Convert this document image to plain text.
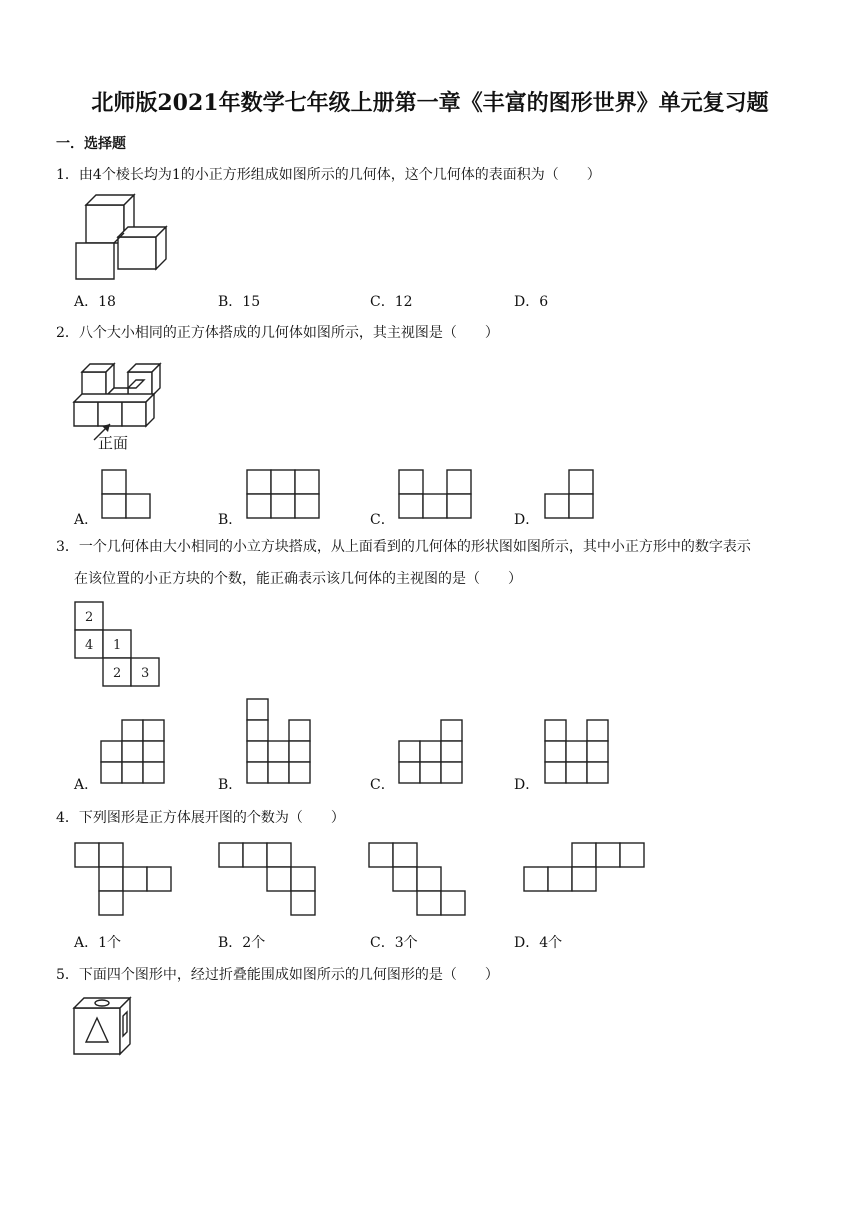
北师版2021年数学七年级上册第一章《丰富的图形世界》单元复习题
一．选择题
1．由4个棱长均为1的小正方形组成如图所示的几何体，这个几何体的表面积为（　　）
A．18	B．15	C．12	D．6
2．八个大小相同的正方体搭成的几何体如图所示，其主视图是（　　）
正面
A．	B．	C．	D．
3．一个几何体由大小相同的小立方块搭成，从上面看到的几何体的形状图如图所示，其中小正方形中的数字表示
在该位置的小正方块的个数，能正确表示该几何体的主视图的是（　　）
2
4 1
2 3
A．	B．	C．	D．
4．下列图形是正方体展开图的个数为（　　）
A．1个	B．2个	C．3个	D．4个
5．下面四个图形中，经过折叠能围成如图所示的几何图形的是（　　）
